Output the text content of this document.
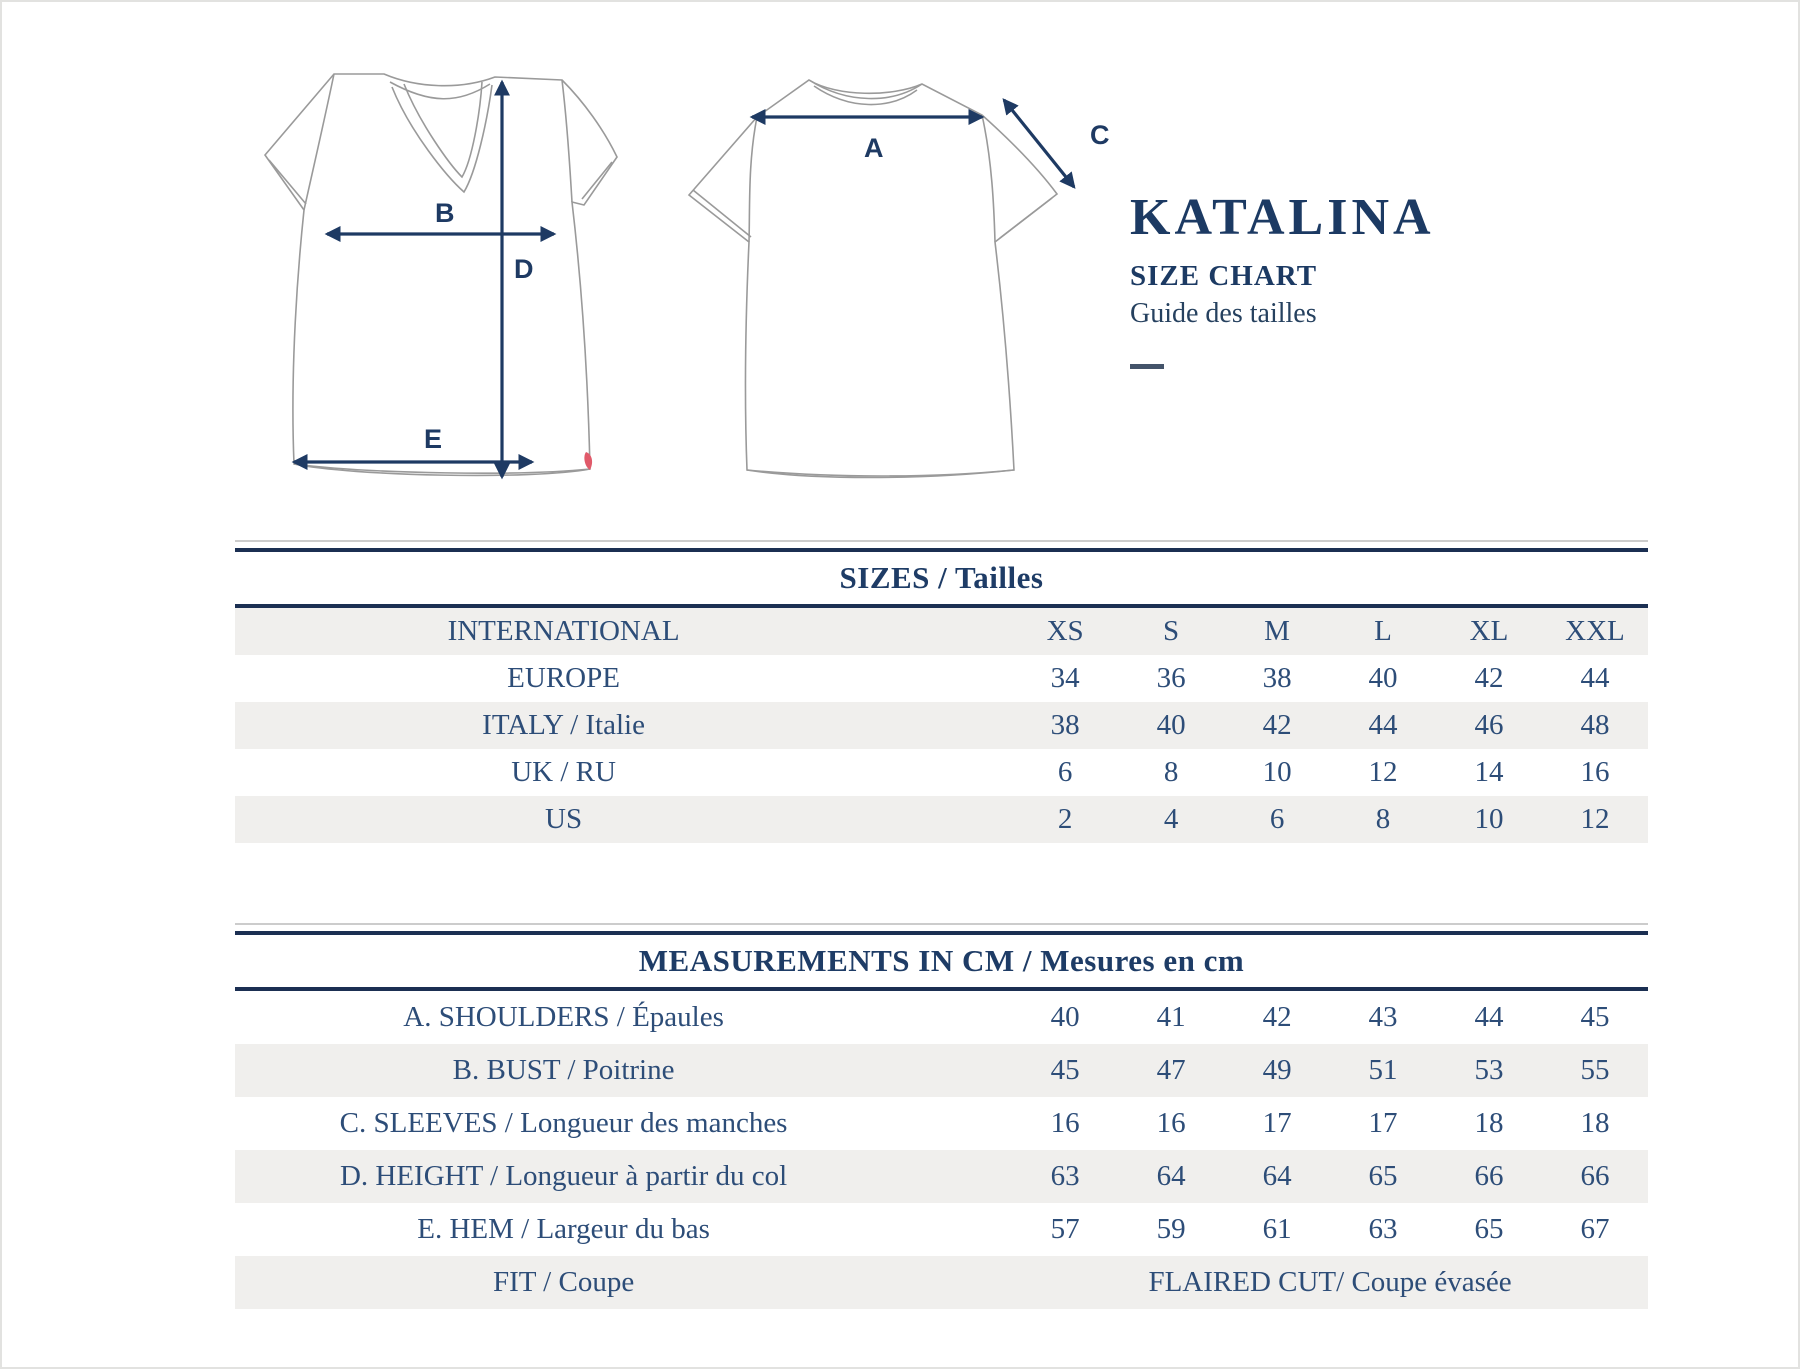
B
D
E
A	C
KATALINA
SIZE CHART
Guide des tailles
SIZES / Tailles
INTERNATIONAL	XS	S	M	L	XL	XXL
EUROPE	34	36	38	40	42	44
ITALY / Italie	38	40	42	44	46	48
UK / RU	6	8	10	12	14	16
US	2	4	6	8	10	12
MEASUREMENTS IN CM / Mesures en cm
A. SHOULDERS / Épaules	40	41	42	43	44	45
B. BUST / Poitrine	45	47	49	51	53	55
C. SLEEVES / Longueur des manches	16	16	17	17	18	18
D. HEIGHT / Longueur à partir du col	63	64	64	65	66	66
E. HEM / Largeur du bas	57	59	61	63	65	67
FIT / Coupe	FLAIRED CUT/ Coupe évasée
